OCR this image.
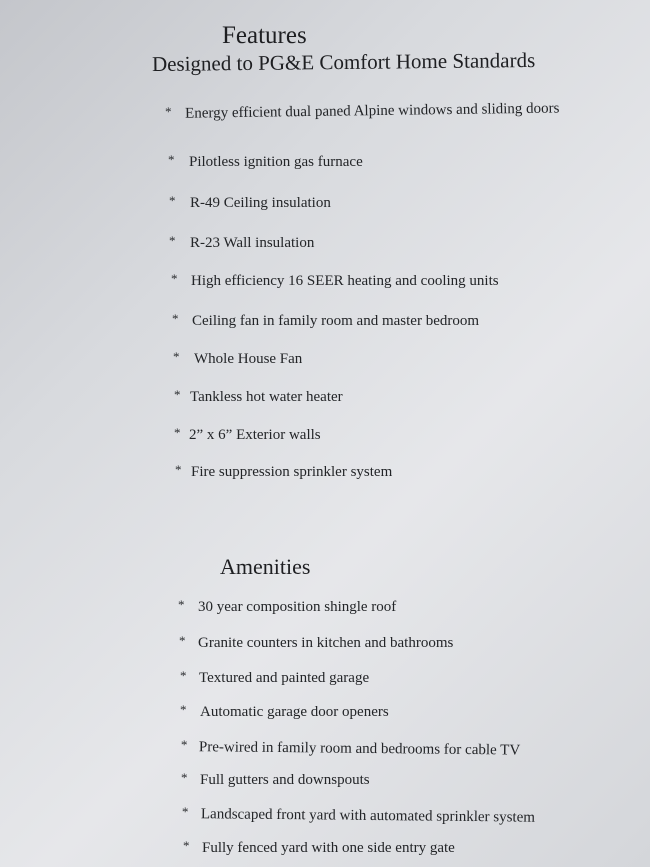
Features
Designed to PG&E Comfort Home Standards
* Energy efficient dual paned Alpine windows and sliding doors
* Pilotless ignition gas furnace
* R-49 Ceiling insulation
* R-23 Wall insulation
* High efficiency 16 SEER heating and cooling units
* Ceiling fan in family room and master bedroom
* Whole House Fan
* Tankless hot water heater
* 2” x 6” Exterior walls
* Fire suppression sprinkler system
Amenities
* 30 year composition shingle roof
* Granite counters in kitchen and bathrooms
* Textured and painted garage
* Automatic garage door openers
* Pre-wired in family room and bedrooms for cable TV
* Full gutters and downspouts
* Landscaped front yard with automated sprinkler system
* Fully fenced yard with one side entry gate
